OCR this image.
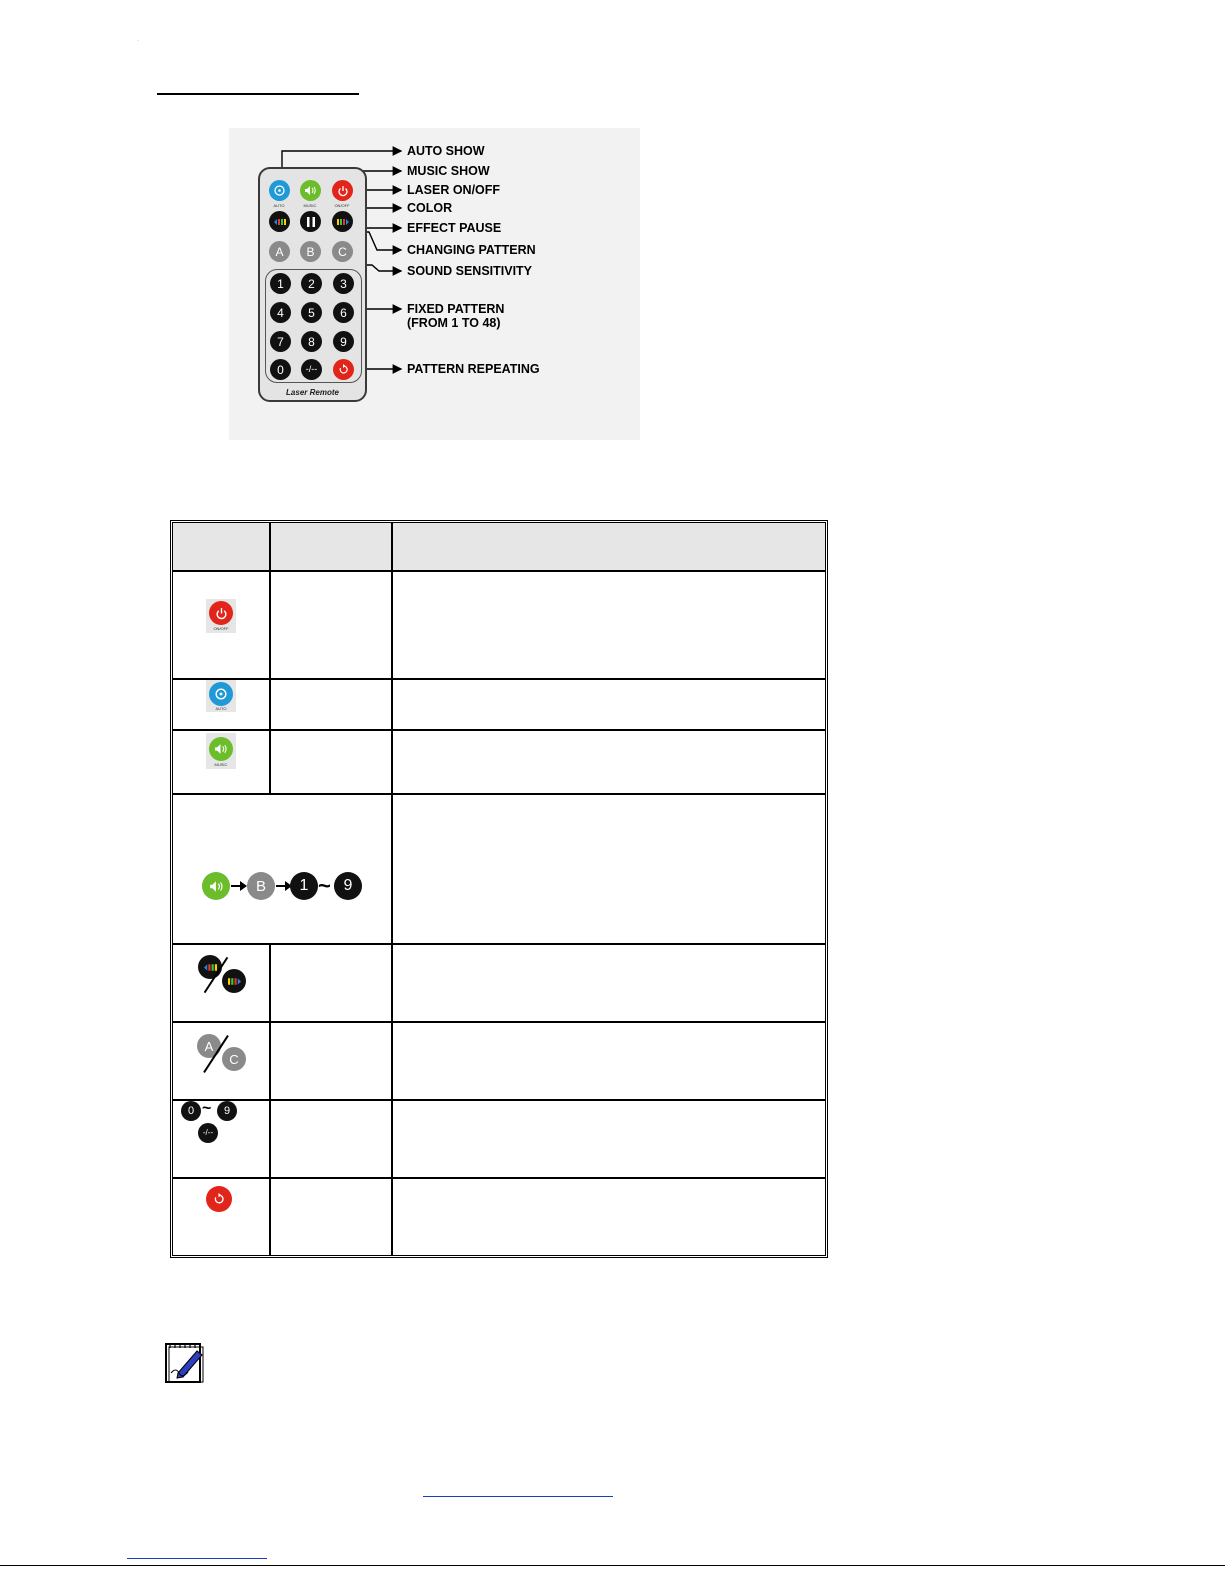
·
AUTO	MUSIC	ON/OFF
A	B	C
1	2	3
4	5	6
7	8	9
0	-/--
Laser Remote
AUTO SHOW
MUSIC SHOW
LASER ON/OFF
COLOR
EFFECT PAUSE
CHANGING PATTERN
SOUND SENSITIVITY
FIXED PATTERN
(FROM 1 TO 48)
PATTERN REPEATING
ON/OFF
AUTO
MUSIC
B	1 ~ 9
A
C
0 ~	9
-/--
